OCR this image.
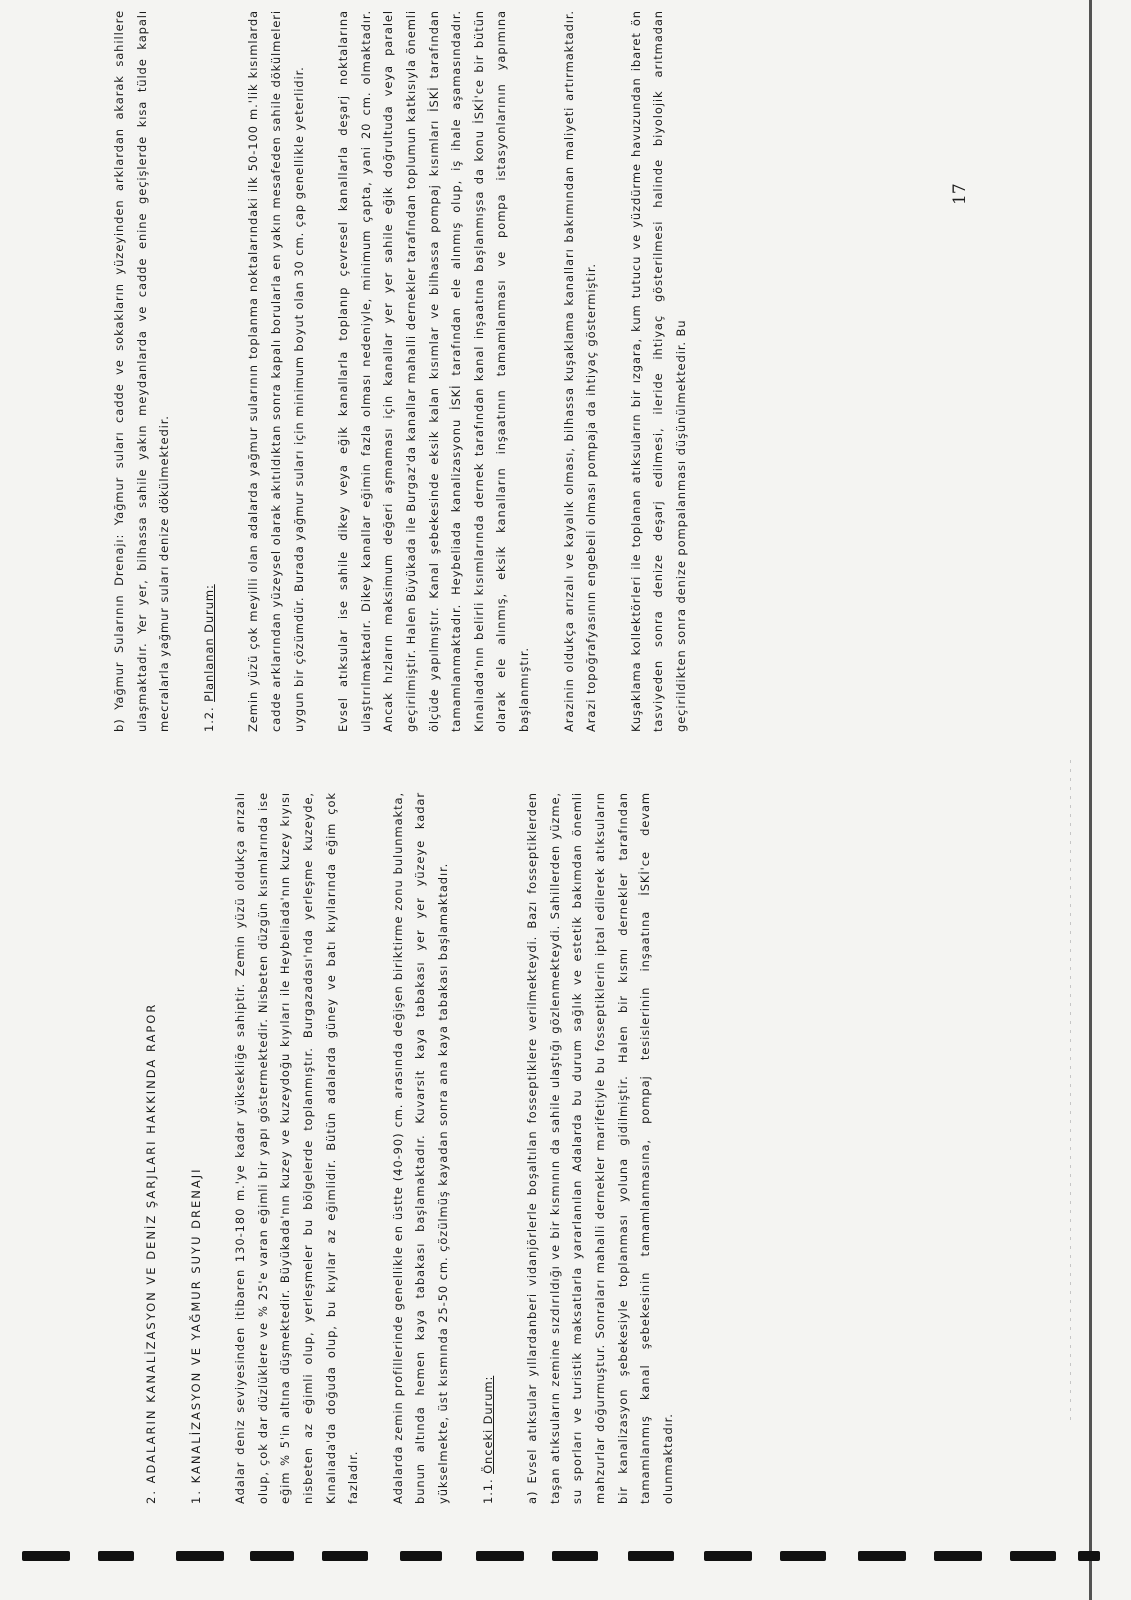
2. ADALARIN KANALİZASYON VE DENİZ ŞARJLARI HAKKINDA RAPOR	1. KANALİZASYON VE YAĞMUR SUYU DRENAJI	Adalar deniz seviyesinden itibaren 130-180 m.'ye kadar yüksekliğe sahiptir. Zemin yüzü oldukça arızalı olup, çok dar düzlüklere ve % 25'e varan eğimli bir yapı göstermektedir. Nisbeten düzgün kısımlarında ise eğim % 5'in altına düşmektedir. Büyükada'nın kuzey ve kuzeydoğu kıyıları ile Heybeliada'nın kuzey kıyısı nisbeten az eğimli olup, yerleşmeler bu bölgelerde toplanmıştır. Burgazadası'nda yerleşme kuzeyde, Kınalıada'da doğuda olup, bu kıyılar az eğimlidir. Bütün adalarda güney ve batı kıyılarında eğim çok fazladır.	Adalarda zemin profillerinde genellikle en üstte (40-90) cm. arasında değişen biriktirme zonu bulunmakta, bunun altında hemen kaya tabakası başlamaktadır. Kuvarsit kaya tabakası yer yer yüzeye kadar yükselmekte, üst kısmında 25-50 cm. çözülmüş kayadan sonra ana kaya tabakası başlamaktadır.	1.1. Önceki Durum:	a) Evsel atıksular yıllardanberi vidanjörlerle boşaltılan fosseptiklere verilmekteydi. Bazı fosseptiklerden taşan atıksuların zemine sızdırıldığı ve bir kısmının da sahile ulaştığı gözlenmekteydi. Sahillerden yüzme, su sporları ve turistik maksatlarla yararlanılan Adalarda bu durum sağlık ve estetik bakımdan önemli mahzurlar doğurmuştur. Sonraları mahalli dernekler marifetiyle bu fosseptiklerin iptal edilerek atıksuların bir kanalizasyon şebekesiyle toplanması yoluna gidilmiştir. Halen bir kısmı dernekler tarafından tamamlanmış kanal şebekesinin tamamlanmasına, pompaj tesislerinin inşaatına İSKİ'ce devam olunmaktadır.

b) Yağmur Sularının Drenajı: Yağmur suları cadde ve sokakların yüzeyinden arklardan akarak sahillere ulaşmaktadır. Yer yer, bilhassa sahile yakın meydanlarda ve cadde enine geçişlerde kısa tülde kapalı mecralarla yağmur suları denize dökülmektedir.	1.2. Planlanan Durum:	Zemin yüzü çok meyilli olan adalarda yağmur sularının toplanma noktalarındaki ilk 50-100 m.'lik kısımlarda cadde arklarından yüzeysel olarak akıtıldıktan sonra kapalı borularla en yakın mesafeden sahile dökülmeleri uygun bir çözümdür. Burada yağmur suları için minimum boyut olan 30 cm. çap genellikle yeterlidir.	Evsel atıksular ise sahile dikey veya eğik kanallarla toplanıp çevresel kanallarla deşarj noktalarına ulaştırılmaktadır. Dikey kanallar eğimin fazla olması nedeniyle, minimum çapta, yani 20 cm. olmaktadır. Ancak hızların maksimum değeri aşmaması için kanallar yer yer sahile eğik doğrultuda veya paralel geçirilmiştir. Halen Büyükada ile Burgaz'da kanallar mahalli dernekler tarafından toplumun katkısıyla önemli ölçüde yapılmıştır. Kanal şebekesinde eksik kalan kısımlar ve bilhassa pompaj kısımları İSKİ tarafından tamamlanmaktadır. Heybeliada kanalizasyonu İSKİ tarafından ele alınmış olup, iş ihale aşamasındadır. Kınalıada'nın belirli kısımlarında dernek tarafından kanal inşaatına başlanmışsa da konu İSKİ'ce bir bütün olarak ele alınmış, eksik kanalların inşaatının tamamlanması ve pompa istasyonlarının yapımına başlanmıştır.	Arazinin oldukça arızalı ve kayalık olması, bilhassa kuşaklama kanalları bakımından maliyeti artırmaktadır. Arazi topoğrafyasının engebeli olması pompaja da ihtiyaç göstermiştir.	Kuşaklama kollektörleri ile toplanan atıksuların bir ızgara, kum tutucu ve yüzdürme havuzundan ibaret ön tasviyeden sonra denize deşarj edilmesi, ileride ihtiyaç gösterilmesi halinde biyolojik arıtmadan geçirildikten sonra denize pompalanması düşünülmektedir. Bu

17
